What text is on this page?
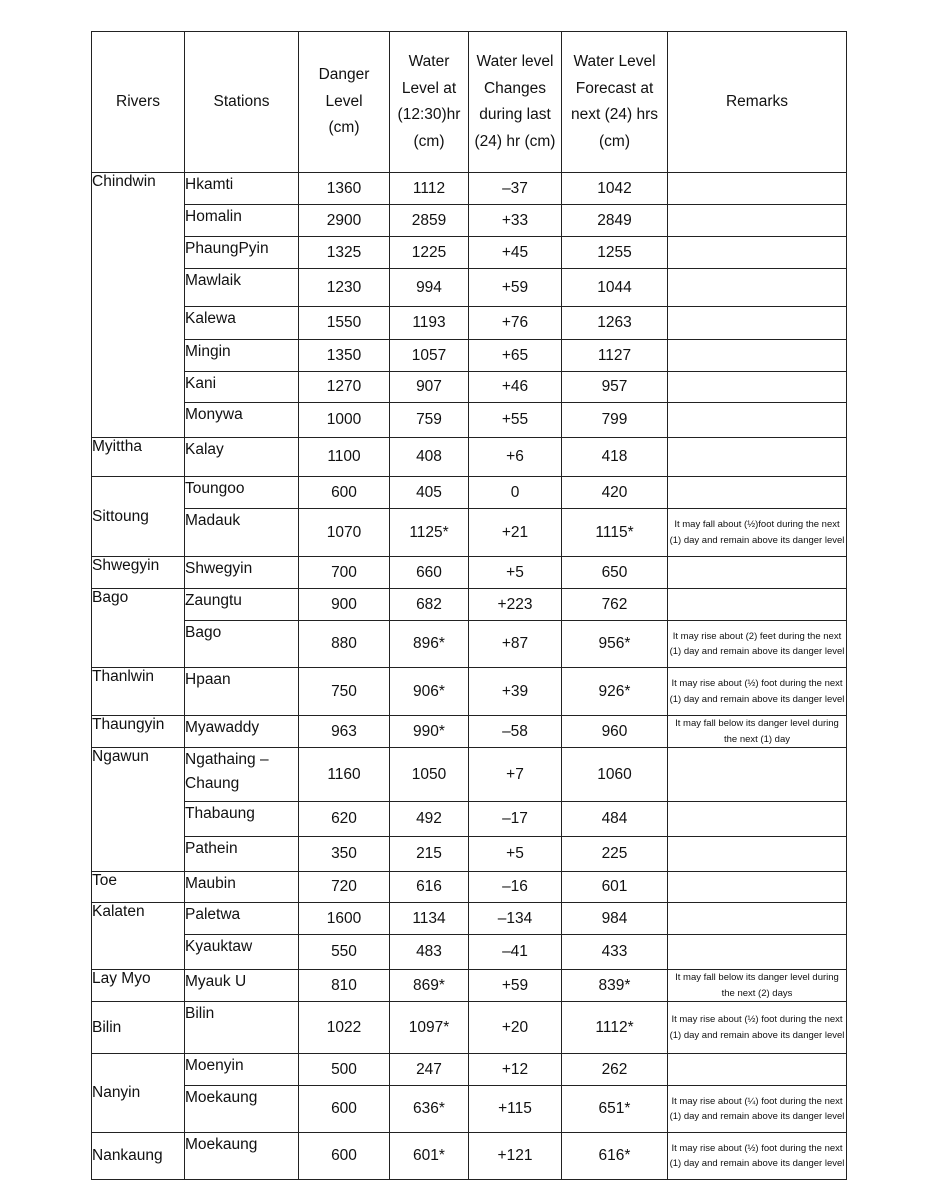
Rivers	Stations	Danger Level (cm)	Water Level at (12:30)hr (cm)	Water level Changes during last (24) hr (cm)	Water Level Forecast at next (24) hrs (cm)	Remarks
Chindwin	Hkamti	1360	1112	–37	1042	
	Homalin	2900	2859	+33	2849	
	PhaungPyin	1325	1225	+45	1255	
	Mawlaik	1230	994	+59	1044	
	Kalewa	1550	1193	+76	1263	
	Mingin	1350	1057	+65	1127	
	Kani	1270	907	+46	957	
	Monywa	1000	759	+55	799	
Myittha	Kalay	1100	408	+6	418	
Sittoung	Toungoo	600	405	0	420	
	Madauk	1070	1125*	+21	1115*	It may fall about (½)foot during the next (1) day and remain above its danger level
Shwegyin	Shwegyin	700	660	+5	650	
Bago	Zaungtu	900	682	+223	762	
	Bago	880	896*	+87	956*	It may rise about (2) feet during the next (1) day and remain above its danger level
Thanlwin	Hpaan	750	906*	+39	926*	It may rise about (½) foot during the next (1) day and remain above its danger level
Thaungyin	Myawaddy	963	990*	–58	960	It may fall below its danger level during the next (1) day
Ngawun	Ngathaing – Chaung	1160	1050	+7	1060	
	Thabaung	620	492	–17	484	
	Pathein	350	215	+5	225	
Toe	Maubin	720	616	–16	601	
Kalaten	Paletwa	1600	1134	–134	984	
	Kyauktaw	550	483	–41	433	
Lay Myo	Myauk U	810	869*	+59	839*	It may fall below its danger level during the next (2) days
Bilin	Bilin	1022	1097*	+20	1112*	It may rise about (½) foot during the next (1) day and remain above its danger level
Nanyin	Moenyin	500	247	+12	262	
	Moekaung	600	636*	+115	651*	It may rise about (¼) foot during the next (1) day and remain above its danger level
Nankaung	Moekaung	600	601*	+121	616*	It may rise about (½) foot during the next (1) day and remain above its danger level
